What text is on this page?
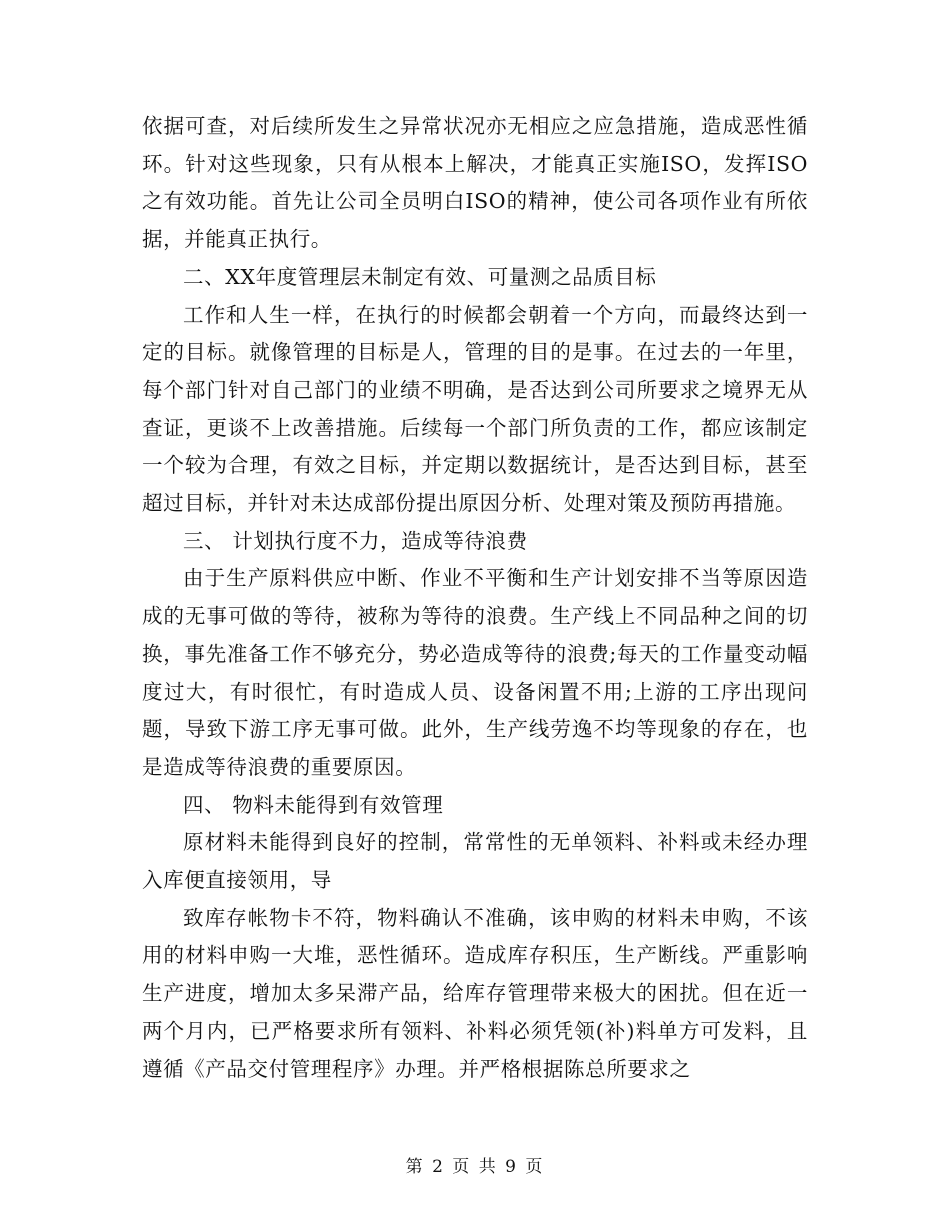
依据可查，对后续所发生之异常状况亦无相应之应急措施，造成恶性循环。针对这些现象，只有从根本上解决，才能真正实施ISO，发挥ISO之有效功能。首先让公司全员明白ISO的精神，使公司各项作业有所依据，并能真正执行。

二、XX年度管理层未制定有效、可量测之品质目标

工作和人生一样，在执行的时候都会朝着一个方向，而最终达到一定的目标。就像管理的目标是人，管理的目的是事。在过去的一年里，每个部门针对自己部门的业绩不明确，是否达到公司所要求之境界无从查证，更谈不上改善措施。后续每一个部门所负责的工作，都应该制定一个较为合理，有效之目标，并定期以数据统计，是否达到目标，甚至超过目标，并针对未达成部份提出原因分析、处理对策及预防再措施。

三、 计划执行度不力，造成等待浪费

由于生产原料供应中断、作业不平衡和生产计划安排不当等原因造成的无事可做的等待，被称为等待的浪费。生产线上不同品种之间的切换，事先准备工作不够充分，势必造成等待的浪费;每天的工作量变动幅度过大，有时很忙，有时造成人员、设备闲置不用;上游的工序出现问题，导致下游工序无事可做。此外，生产线劳逸不均等现象的存在，也是造成等待浪费的重要原因。

四、 物料未能得到有效管理

原材料未能得到良好的控制，常常性的无单领料、补料或未经办理入库便直接领用，导

致库存帐物卡不符，物料确认不准确，该申购的材料未申购，不该用的材料申购一大堆，恶性循环。造成库存积压，生产断线。严重影响生产进度，增加太多呆滞产品，给库存管理带来极大的困扰。但在近一两个月内，已严格要求所有领料、补料必须凭领(补)料单方可发料，且遵循《产品交付管理程序》办理。并严格根据陈总所要求之

第 2 页 共 9 页
